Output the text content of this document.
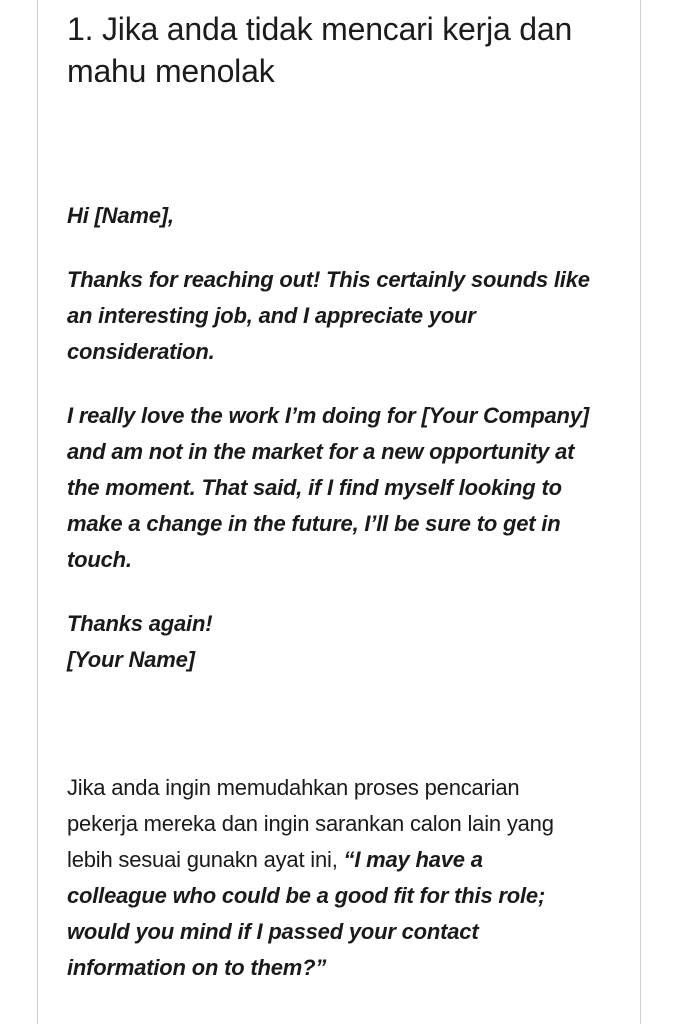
1. Jika anda tidak mencari kerja dan
mahu menolak

Hi [Name],

Thanks for reaching out! This certainly sounds like
an interesting job, and I appreciate your
consideration.

I really love the work I’m doing for [Your Company]
and am not in the market for a new opportunity at
the moment. That said, if I find myself looking to
make a change in the future, I’ll be sure to get in
touch.

Thanks again!
[Your Name]

Jika anda ingin memudahkan proses pencarian
pekerja mereka dan ingin sarankan calon lain yang
lebih sesuai gunakn ayat ini, “I may have a
colleague who could be a good fit for this role;
would you mind if I passed your contact
information on to them?”
